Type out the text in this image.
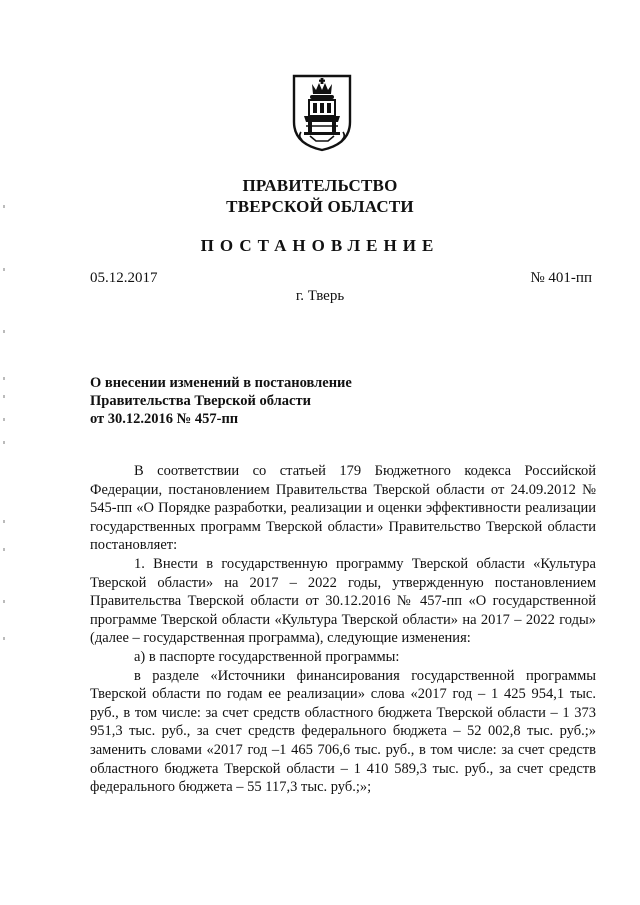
ПРАВИТЕЛЬСТВО
ТВЕРСКОЙ ОБЛАСТИ
ПОСТАНОВЛЕНИЕ
05.12.2017	№ 401-пп
г. Тверь
О внесении изменений в постановление
Правительства Тверской области
от 30.12.2016 № 457-пп

В соответствии со статьей 179 Бюджетного кодекса Российской Федерации, постановлением Правительства Тверской области от 24.09.2012 № 545-пп «О Порядке разработки, реализации и оценки эффективности реализации государственных программ Тверской области» Правительство Тверской области постановляет:

1. Внести в государственную программу Тверской области «Культура Тверской области» на 2017 – 2022 годы, утвержденную постановлением Правительства Тверской области от 30.12.2016 № 457-пп «О государственной программе Тверской области «Культура Тверской области» на 2017 – 2022 годы» (далее – государственная программа), следующие изменения:

а) в паспорте государственной программы:

в разделе «Источники финансирования государственной программы Тверской области по годам ее реализации» слова «2017 год – 1 425 954,1 тыс. руб., в том числе: за счет средств областного бюджета Тверской области – 1 373 951,3 тыс. руб., за счет средств федерального бюджета – 52 002,8 тыс. руб.;» заменить словами «2017 год –1 465 706,6 тыс. руб., в том числе: за счет средств областного бюджета Тверской области – 1 410 589,3 тыс. руб., за счет средств федерального бюджета – 55 117,3 тыс. руб.;»;
